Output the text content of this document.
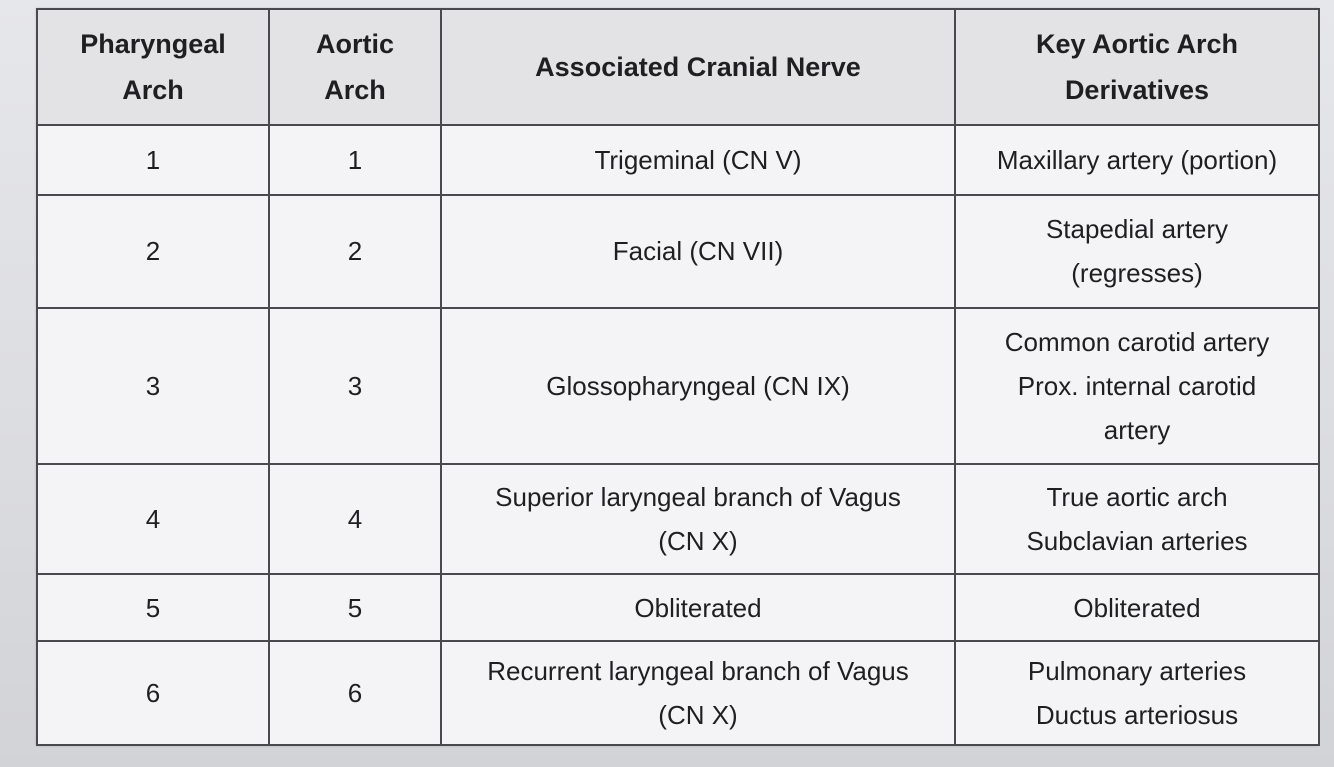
Pharyngeal
Arch	Aortic
Arch	Associated Cranial Nerve	Key Aortic Arch
Derivatives

1	1	Trigeminal (CN V)	Maxillary artery (portion)

2	2	Facial (CN VII)	Stapedial artery
(regresses)

3	3	Glossopharyngeal (CN IX)	Common carotid artery
Prox. internal carotid
artery

4	4	Superior laryngeal branch of Vagus
(CN X)	True aortic arch
Subclavian arteries

5	5	Obliterated	Obliterated

6	6	Recurrent laryngeal branch of Vagus
(CN X)	Pulmonary arteries
Ductus arteriosus
